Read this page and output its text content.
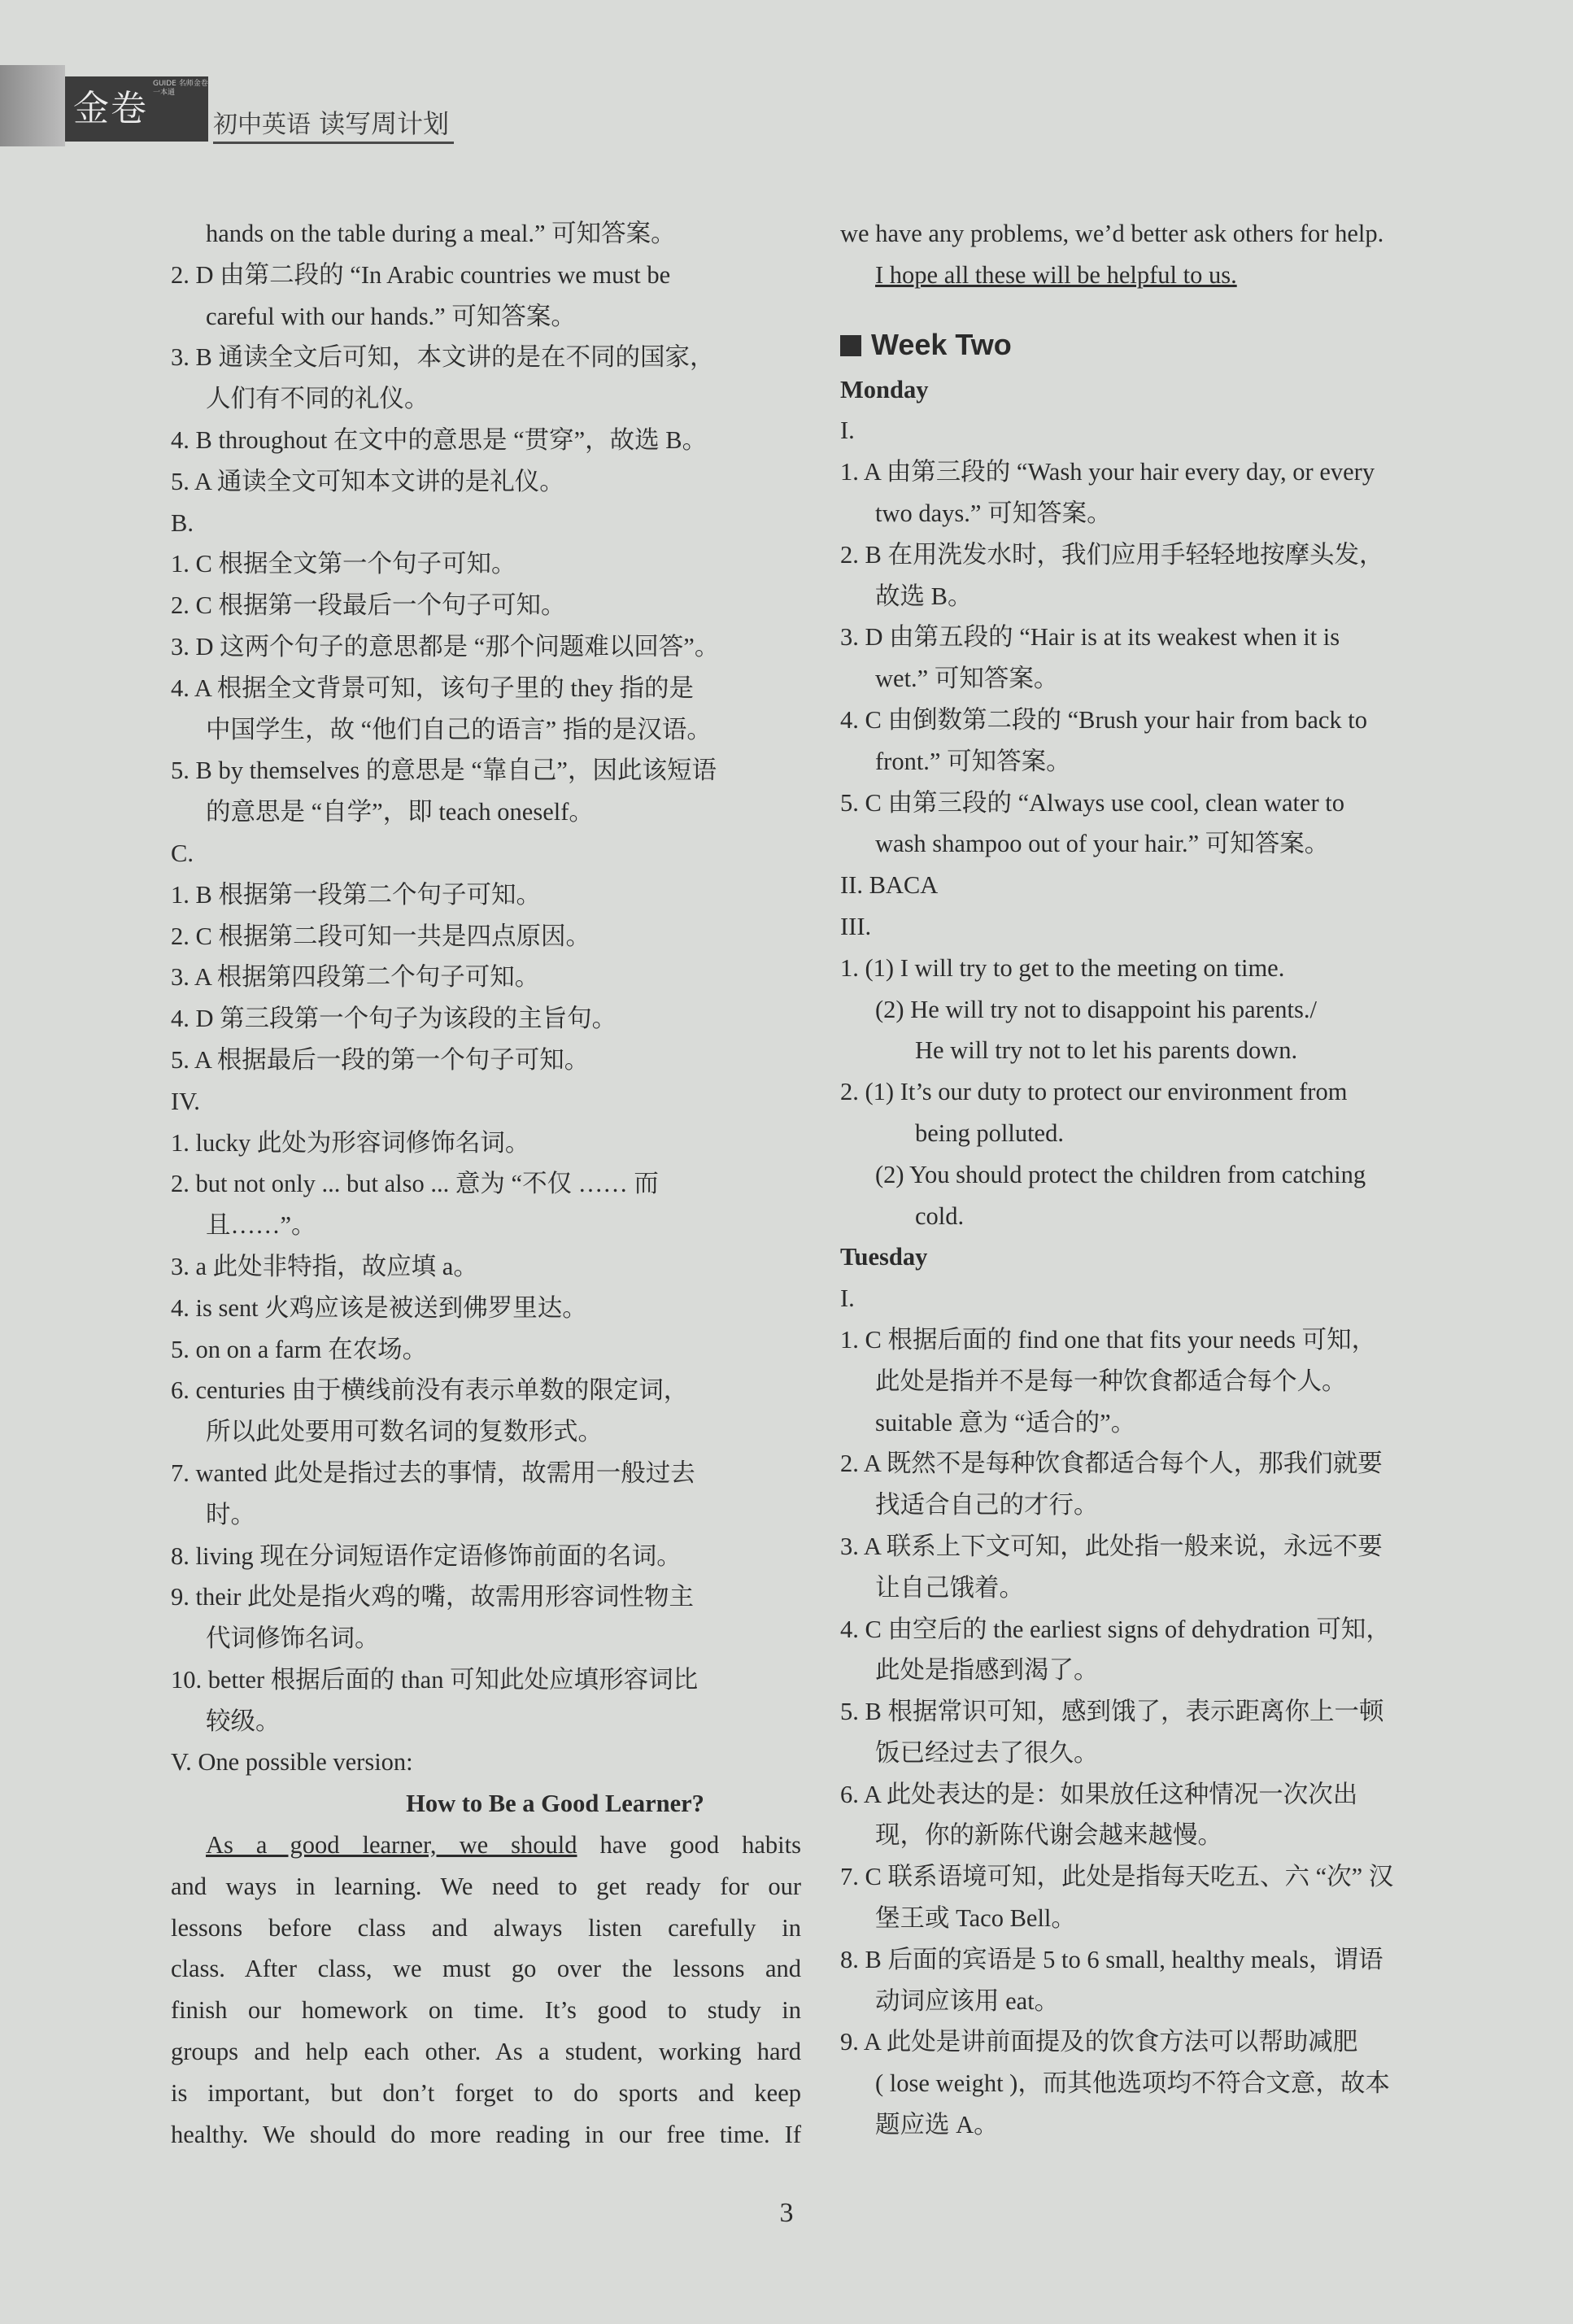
金卷
GUIDE 名师金卷 一本通
初中英语 读写周计划
hands on the table during a meal.” 可知答案。
2. D 由第二段的 “In Arabic countries we must be
careful with our hands.” 可知答案。
3. B 通读全文后可知，本文讲的是在不同的国家，
人们有不同的礼仪。
4. B throughout 在文中的意思是 “贯穿”，故选 B。
5. A 通读全文可知本文讲的是礼仪。
B.
1. C 根据全文第一个句子可知。
2. C 根据第一段最后一个句子可知。
3. D 这两个句子的意思都是 “那个问题难以回答”。
4. A 根据全文背景可知，该句子里的 they 指的是
中国学生，故 “他们自己的语言” 指的是汉语。
5. B by themselves 的意思是 “靠自己”，因此该短语
的意思是 “自学”，即 teach oneself。
C.
1. B 根据第一段第二个句子可知。
2. C 根据第二段可知一共是四点原因。
3. A 根据第四段第二个句子可知。
4. D 第三段第一个句子为该段的主旨句。
5. A 根据最后一段的第一个句子可知。
IV.
1. lucky 此处为形容词修饰名词。
2. but not only ... but also ... 意为 “不仅 …… 而
且……”。
3. a 此处非特指，故应填 a。
4. is sent 火鸡应该是被送到佛罗里达。
5. on on a farm 在农场。
6. centuries 由于横线前没有表示单数的限定词，
所以此处要用可数名词的复数形式。
7. wanted 此处是指过去的事情，故需用一般过去
时。
8. living 现在分词短语作定语修饰前面的名词。
9. their 此处是指火鸡的嘴，故需用形容词性物主
代词修饰名词。
10. better 根据后面的 than 可知此处应填形容词比
较级。
V. One possible version:
How to Be a Good Learner?
As a good learner, we should have good habits
and ways in learning. We need to get ready for our
lessons before class and always listen carefully in
class. After class, we must go over the lessons and
finish our homework on time. It’s good to study in
groups and help each other. As a student, working hard
is important, but don’t forget to do sports and keep
healthy. We should do more reading in our free time. If
we have any problems, we’d better ask others for help.
I hope all these will be helpful to us.
Week Two
Monday
I.
1. A 由第三段的 “Wash your hair every day, or every
two days.” 可知答案。
2. B 在用洗发水时，我们应用手轻轻地按摩头发，
故选 B。
3. D 由第五段的 “Hair is at its weakest when it is
wet.” 可知答案。
4. C 由倒数第二段的 “Brush your hair from back to
front.” 可知答案。
5. C 由第三段的 “Always use cool, clean water to
wash shampoo out of your hair.” 可知答案。
II. BACA
III.
1. (1) I will try to get to the meeting on time.
(2) He will try not to disappoint his parents./
He will try not to let his parents down.
2. (1) It’s our duty to protect our environment from
being polluted.
(2) You should protect the children from catching
cold.
Tuesday
I.
1. C 根据后面的 find one that fits your needs 可知，
此处是指并不是每一种饮食都适合每个人。
suitable 意为 “适合的”。
2. A 既然不是每种饮食都适合每个人，那我们就要
找适合自己的才行。
3. A 联系上下文可知，此处指一般来说，永远不要
让自己饿着。
4. C 由空后的 the earliest signs of dehydration 可知，
此处是指感到渴了。
5. B 根据常识可知，感到饿了，表示距离你上一顿
饭已经过去了很久。
6. A 此处表达的是：如果放任这种情况一次次出
现，你的新陈代谢会越来越慢。
7. C 联系语境可知，此处是指每天吃五、六 “次” 汉
堡王或 Taco Bell。
8. B 后面的宾语是 5 to 6 small, healthy meals，谓语
动词应该用 eat。
9. A 此处是讲前面提及的饮食方法可以帮助减肥
( lose weight )，而其他选项均不符合文意，故本
题应选 A。
3
